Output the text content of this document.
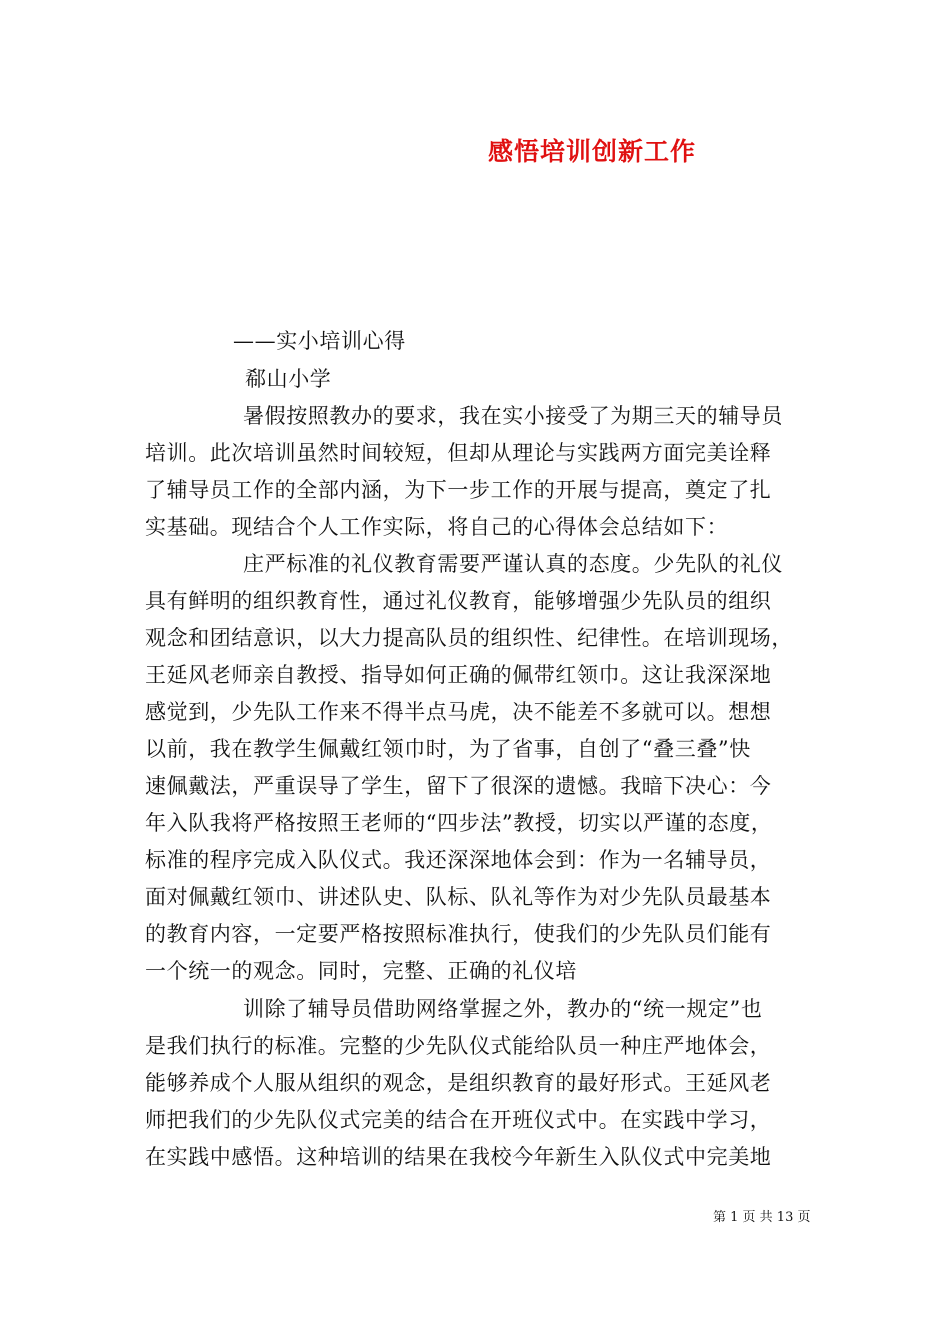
感悟培训创新工作
——实小培训心得
郗山小学
暑假按照教办的要求，我在实小接受了为期三天的辅导员
培训。此次培训虽然时间较短，但却从理论与实践两方面完美诠释
了辅导员工作的全部内涵，为下一步工作的开展与提高，奠定了扎
实基础。现结合个人工作实际，将自己的心得体会总结如下：
庄严标准的礼仪教育需要严谨认真的态度。少先队的礼仪
具有鲜明的组织教育性，通过礼仪教育，能够增强少先队员的组织
观念和团结意识，以大力提高队员的组织性、纪律性。在培训现场，
王延风老师亲自教授、指导如何正确的佩带红领巾。这让我深深地
感觉到，少先队工作来不得半点马虎，决不能差不多就可以。想想
以前，我在教学生佩戴红领巾时，为了省事，自创了“叠三叠”快
速佩戴法，严重误导了学生，留下了很深的遗憾。我暗下决心：今
年入队我将严格按照王老师的“四步法”教授，切实以严谨的态度，
标准的程序完成入队仪式。我还深深地体会到：作为一名辅导员，
面对佩戴红领巾、讲述队史、队标、队礼等作为对少先队员最基本
的教育内容，一定要严格按照标准执行，使我们的少先队员们能有
一个统一的观念。同时，完整、正确的礼仪培
训除了辅导员借助网络掌握之外，教办的“统一规定”也
是我们执行的标准。完整的少先队仪式能给队员一种庄严地体会，
能够养成个人服从组织的观念，是组织教育的最好形式。王延风老
师把我们的少先队仪式完美的结合在开班仪式中。在实践中学习，
在实践中感悟。这种培训的结果在我校今年新生入队仪式中完美地
第 1 页 共 13 页
